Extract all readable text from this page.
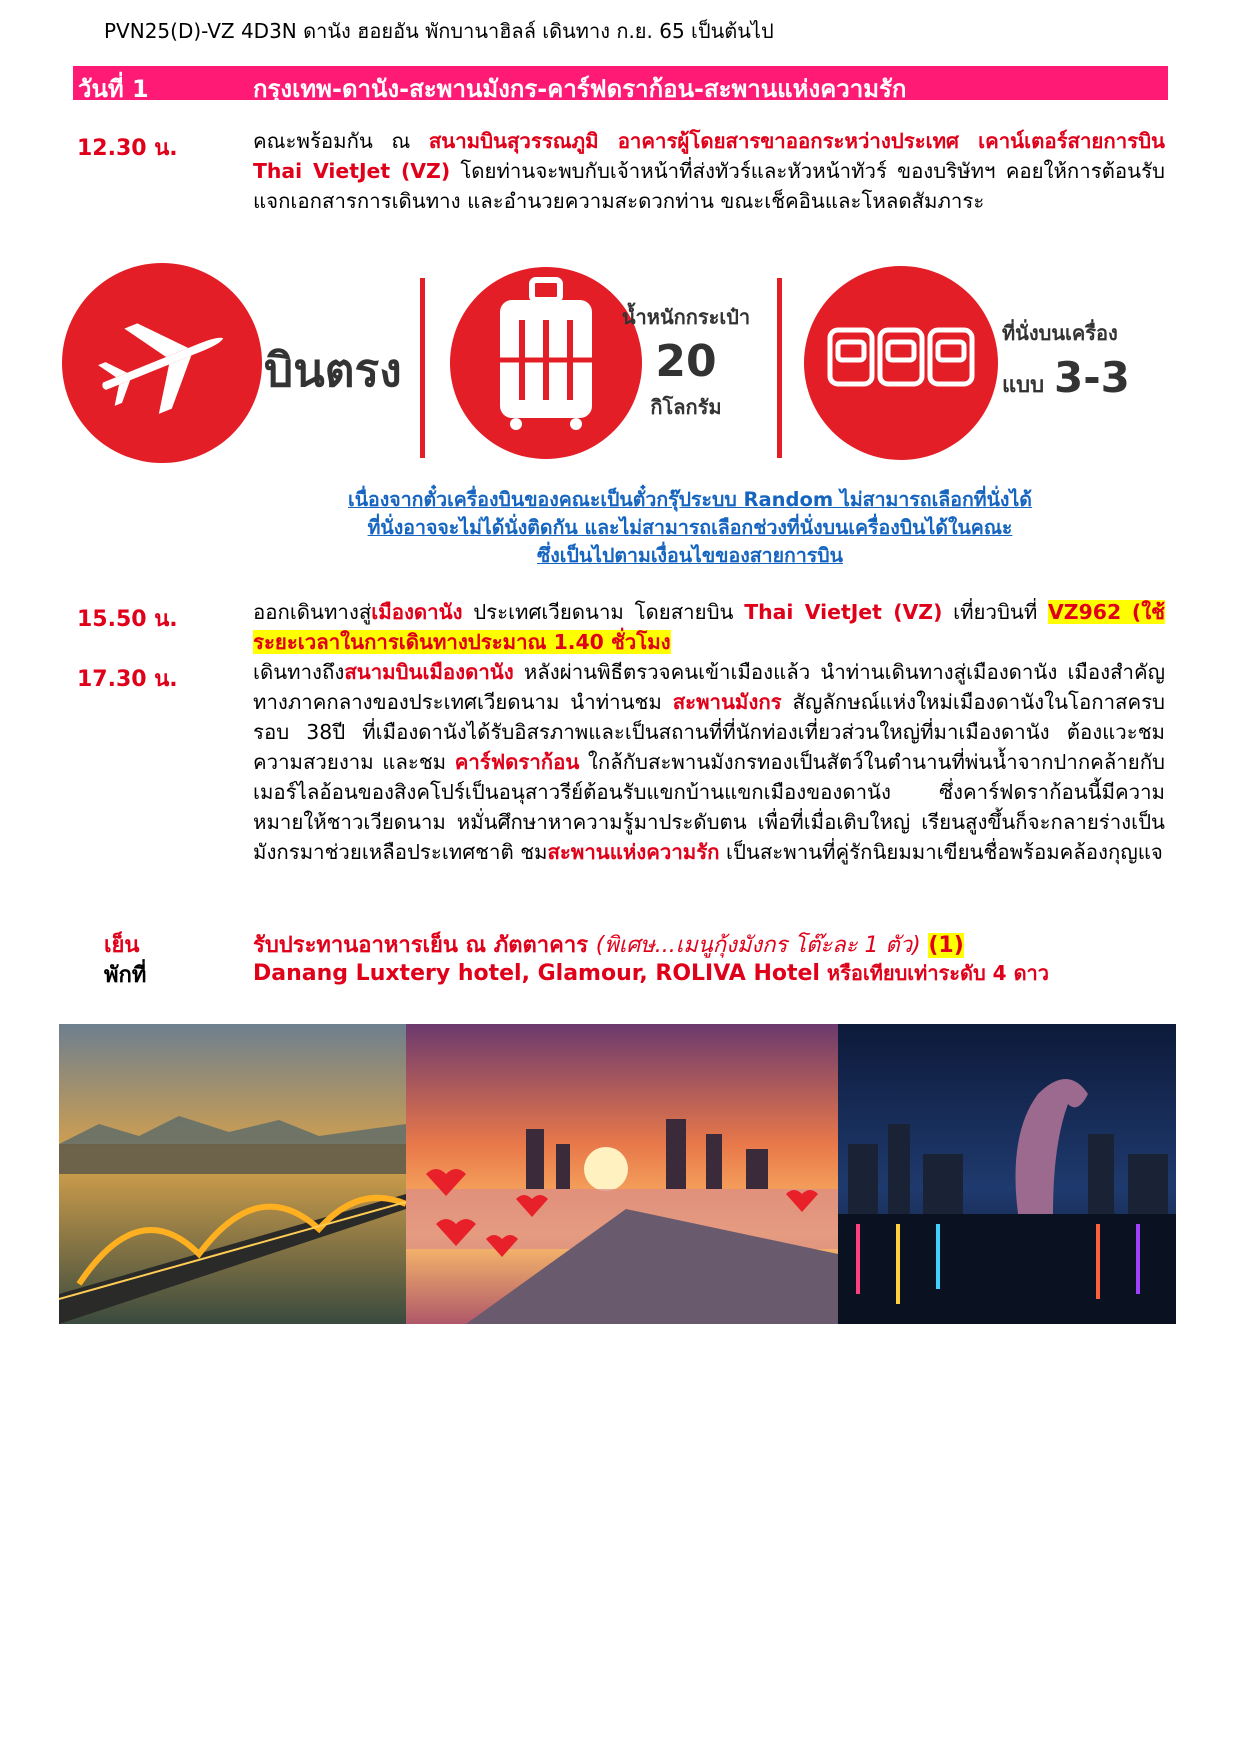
PVN25(D)-VZ 4D3N ดานัง ฮอยอัน พักบานาฮิลล์ เดินทาง ก.ย. 65 เป็นต้นไป
วันที่ 1	กรุงเทพ-ดานัง-สะพานมังกร-คาร์ฟดราก้อน-สะพานแห่งความรัก
12.30 น.	คณะพร้อมกัน ณ สนามบินสุวรรณภูมิ อาคารผู้โดยสารขาออกระหว่างประเทศ เคาน์เตอร์สายการบิน Thai VietJet (VZ) โดยท่านจะพบกับเจ้าหน้าที่ส่งทัวร์และหัวหน้าทัวร์ ของบริษัทฯ คอยให้การต้อนรับ แจกเอกสารการเดินทาง และอำนวยความสะดวกท่าน ขณะเช็คอินและโหลดสัมภาระ
บินตรง
น้ำหนักกระเป๋า
20
กิโลกรัม
ที่นั่งบนเครื่อง
แบบ 3-3
เนื่องจากตั๋วเครื่องบินของคณะเป็นตั๋วกรุ๊ประบบ Random ไม่สามารถเลือกที่นั่งได้
ที่นั่งอาจจะไม่ได้นั่งติดกัน และไม่สามารถเลือกช่วงที่นั่งบนเครื่องบินได้ในคณะ
ซึ่งเป็นไปตามเงื่อนไขของสายการบิน
15.50 น.	ออกเดินทางสู่เมืองดานัง ประเทศเวียดนาม โดยสายบิน Thai VietJet (VZ) เที่ยวบินที่ VZ962 (ใช้ระยะเวลาในการเดินทางประมาณ 1.40 ชั่วโมง
17.30 น.	เดินทางถึงสนามบินเมืองดานัง หลังผ่านพิธีตรวจคนเข้าเมืองแล้ว นำท่านเดินทางสู่เมืองดานัง เมืองสำคัญทางภาคกลางของประเทศเวียดนาม นำท่านชม สะพานมังกร สัญลักษณ์แห่งใหม่เมืองดานังในโอกาสครบรอบ 38ปี ที่เมืองดานังได้รับอิสรภาพและเป็นสถานที่ที่นักท่องเที่ยวส่วนใหญ่ที่มาเมืองดานัง ต้องแวะชมความสวยงาม และชม คาร์ฟดราก้อน ใกล้กับสะพานมังกรทองเป็นสัตว์ในตำนานที่พ่นน้ำจากปากคล้ายกับเมอร์ไลอ้อนของสิงคโปร์เป็นอนุสาวรีย์ต้อนรับแขกบ้านแขกเมืองของดานัง ซึ่งคาร์ฟดราก้อนนี้มีความหมายให้ชาวเวียดนาม หมั่นศึกษาหาความรู้มาประดับตน เพื่อที่เมื่อเติบใหญ่ เรียนสูงขึ้นก็จะกลายร่างเป็นมังกรมาช่วยเหลือประเทศชาติ ชมสะพานแห่งความรัก เป็นสะพานที่คู่รักนิยมมาเขียนชื่อพร้อมคล้องกุญแจ
เย็น	รับประทานอาหารเย็น ณ ภัตตาคาร (พิเศษ...เมนูกุ้งมังกร โต๊ะละ 1 ตัว) (1)
พักที่	Danang Luxtery hotel, Glamour, ROLIVA Hotel หรือเทียบเท่าระดับ 4 ดาว
